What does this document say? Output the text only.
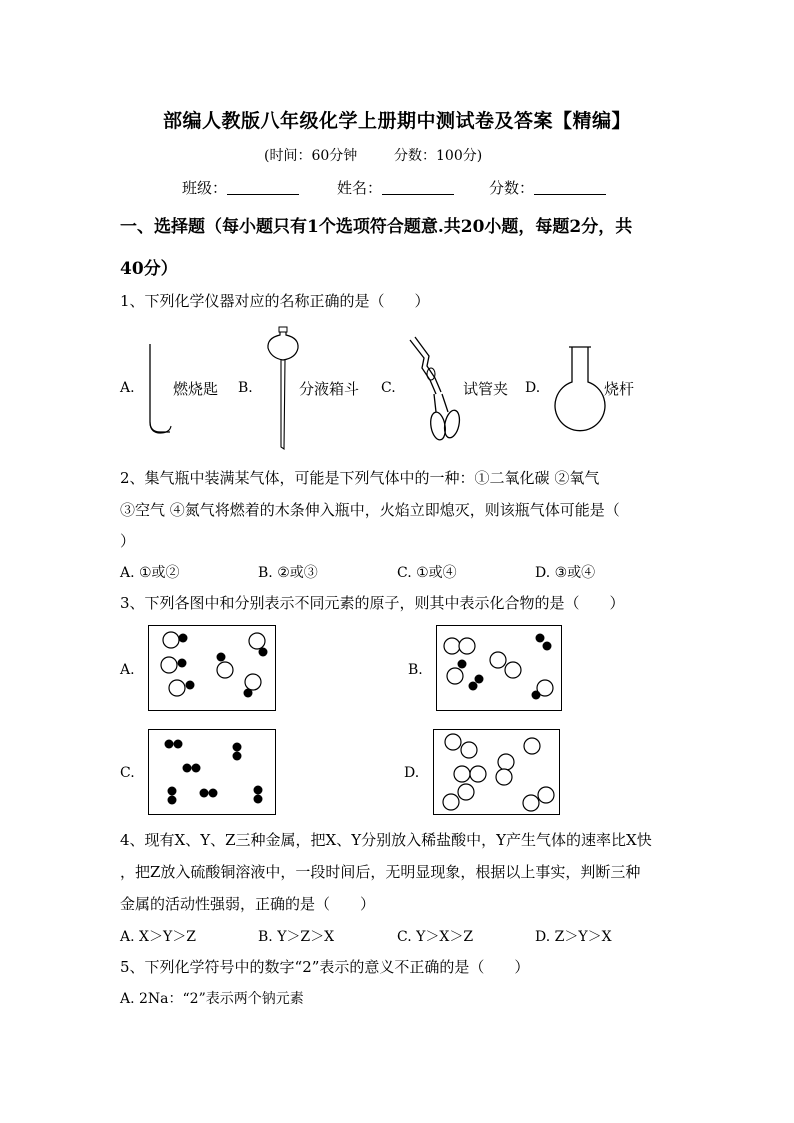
部编人教版八年级化学上册期中测试卷及答案【精编】
(时间：60分钟	分数：100分)
班级：	姓名：	分数：
一、选择题（每小题只有1个选项符合题意.共20小题，每题2分，共
40分）
1、下列化学仪器对应的名称正确的是（　　）
A.	燃烧匙 B.	分液箱斗 C.	试管夹 D.	烧杆
2、集气瓶中装满某气体，可能是下列气体中的一种：①二氧化碳 ②氧气
③空气 ④氮气将燃着的木条伸入瓶中，火焰立即熄灭，则该瓶气体可能是（
）
A. ①或②	B. ②或③	C. ①或④	D. ③或④
3、下列各图中和分别表示不同元素的原子，则其中表示化合物的是（　　）
A.	B.
C.	D.
4、现有X、Y、Z三种金属，把X、Y分别放入稀盐酸中，Y产生气体的速率比X快
，把Z放入硫酸铜溶液中，一段时间后，无明显现象，根据以上事实，判断三种
金属的活动性强弱，正确的是（　　）
A. X＞Y＞Z	B. Y＞Z＞X	C. Y＞X＞Z	D. Z＞Y＞X
5、下列化学符号中的数字“2”表示的意义不正确的是（　　）
A. 2Na：“2”表示两个钠元素
